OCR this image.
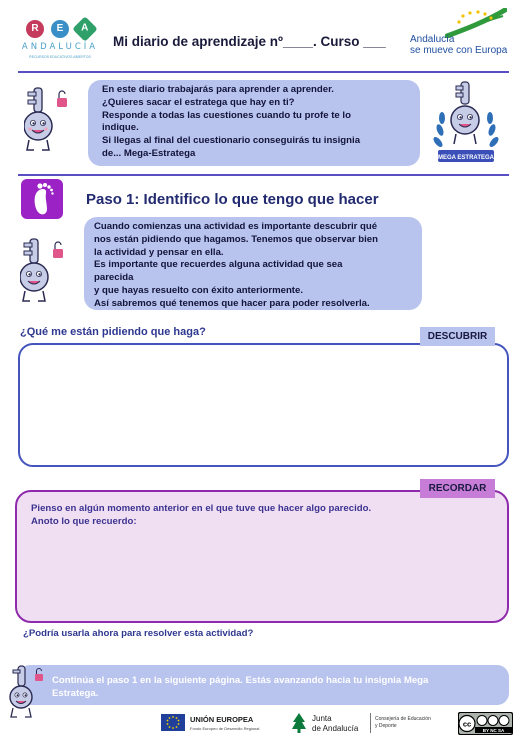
R	E	A
ANDALUCÍA
RECURSOS EDUCATIVOS ABIERTOS
Mi diario de aprendizaje nº____. Curso ___ Andalucía
se mueve con Europa
En este diario trabajarás para aprender a aprender.
¿Quieres sacar el estratega que hay en ti?
Responde a todas las cuestiones cuando tu profe te lo
indique.
Si llegas al final del cuestionario conseguirás tu insignia
de... Mega-Estratega	MEGA ESTRATEGA
Paso 1: Identifico lo que tengo que hacer
Cuando comienzas una actividad es importante descubrir qué
nos están pidiendo que hagamos. Tenemos que observar bien
la actividad y pensar en ella.
Es importante que recuerdes alguna actividad que sea
parecida
y que hayas resuelto con éxito anteriormente.
Así sabremos qué tenemos que hacer para poder resolverla.
¿Qué me están pidiendo que haga?	DESCUBRIR
Pienso en algún momento anterior en el que tuve que hacer algo parecido.
Anoto lo que recuerdo:
RECORDAR
¿Podría usarla ahora para resolver esta actividad?
Continúa el paso 1 en la siguiente página. Estás avanzando hacia tu insignia Mega
Estratega.
UNIÓN EUROPEA
Fondo Europeo de Desarrollo Regional
Junta
de Andalucía
Consejería de Educación
y Deporte	cc
BY NC SA
